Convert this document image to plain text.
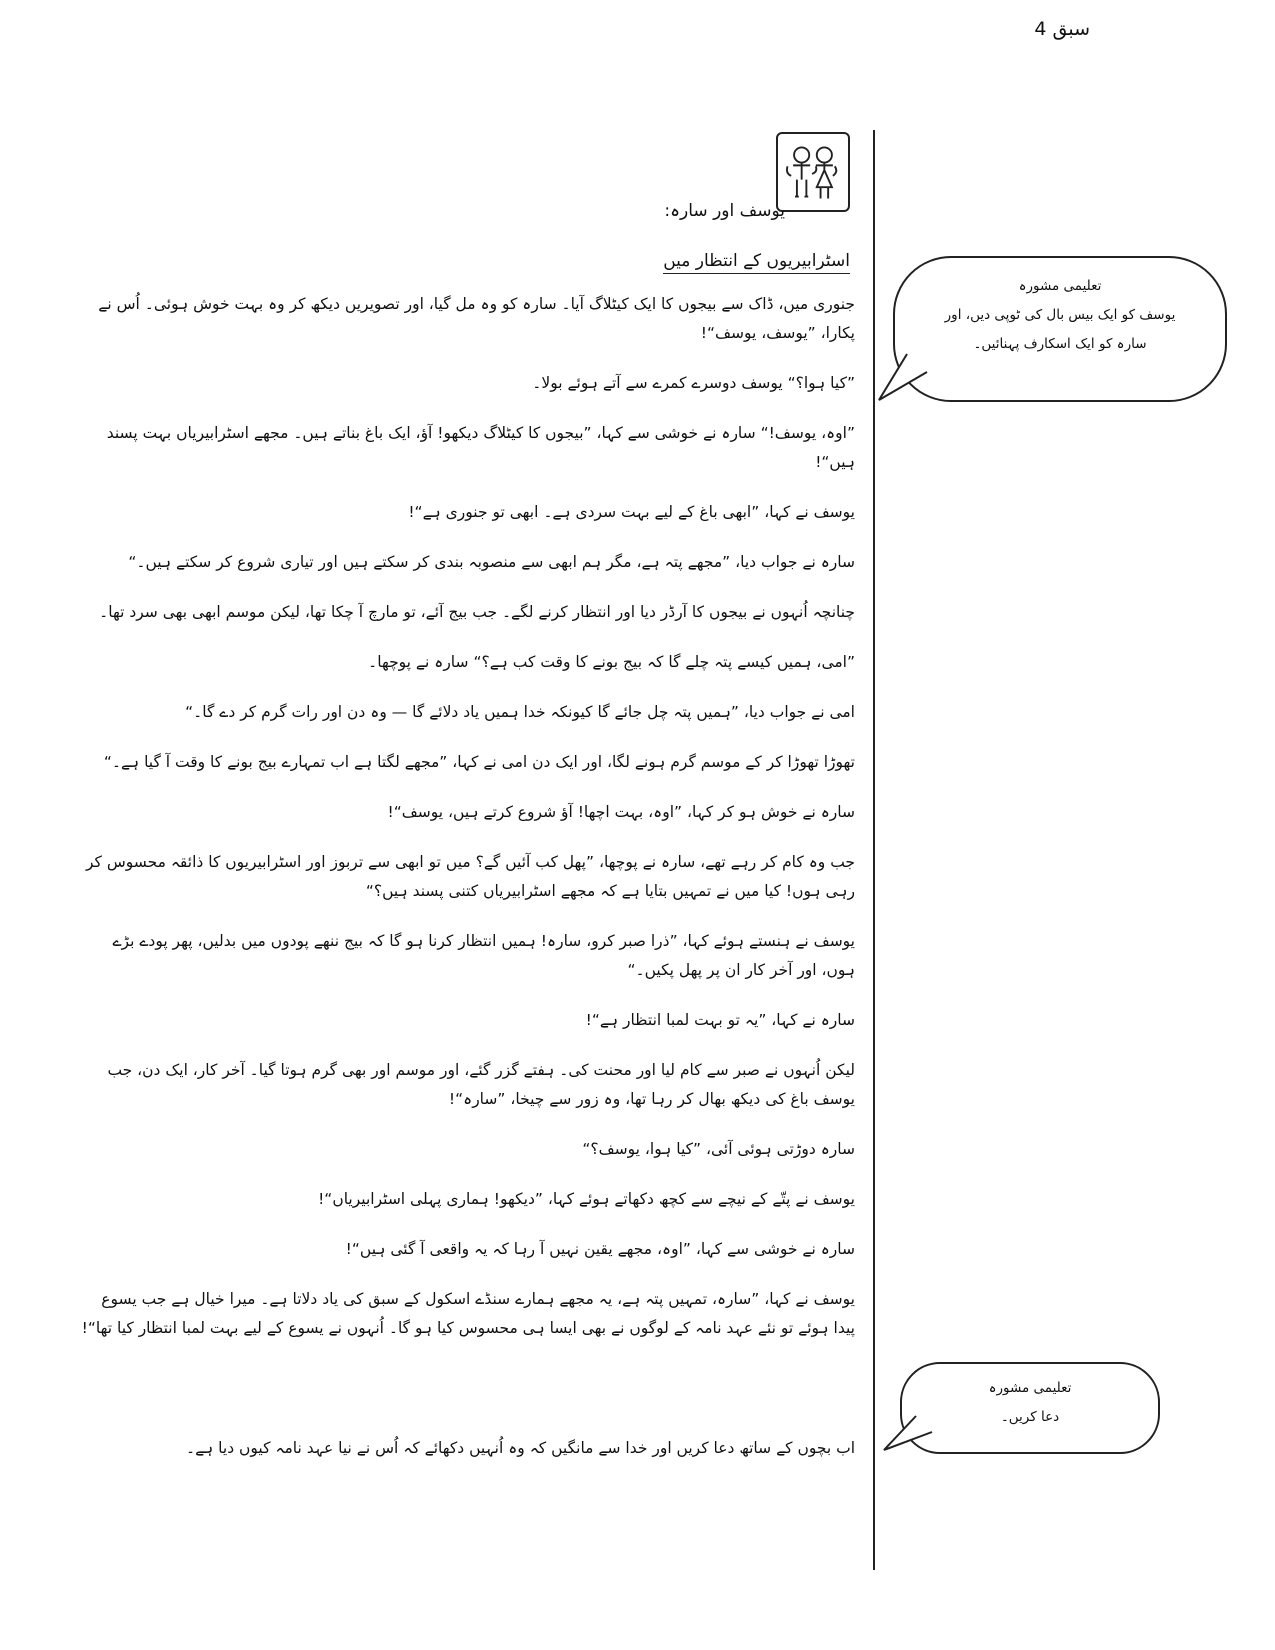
سبق 4
یوسف اور سارہ:
اسٹرابیریوں کے انتظار میں

جنوری میں، ڈاک سے بیجوں کا ایک کیٹلاگ آیا۔ سارہ کو وہ مل گیا، اور تصویریں دیکھ کر وہ بہت خوش ہوئی۔ اُس نے پکارا، ”یوسف، یوسف“!

”کیا ہوا؟“ یوسف دوسرے کمرے سے آتے ہوئے بولا۔

”اوہ، یوسف!“ سارہ نے خوشی سے کہا، ”بیجوں کا کیٹلاگ دیکھو! آؤ، ایک باغ بناتے ہیں۔ مجھے اسٹرابیریاں بہت پسند ہیں“!

یوسف نے کہا، ”ابھی باغ کے لیے بہت سردی ہے۔ ابھی تو جنوری ہے“!

سارہ نے جواب دیا، ”مجھے پتہ ہے، مگر ہم ابھی سے منصوبہ بندی کر سکتے ہیں اور تیاری شروع کر سکتے ہیں۔“

چنانچہ اُنہوں نے بیجوں کا آرڈر دیا اور انتظار کرنے لگے۔ جب بیج آئے، تو مارچ آ چکا تھا، لیکن موسم ابھی بھی سرد تھا۔

”امی، ہمیں کیسے پتہ چلے گا کہ بیج بونے کا وقت کب ہے؟“ سارہ نے پوچھا۔

امی نے جواب دیا، ”ہمیں پتہ چل جائے گا کیونکہ خدا ہمیں یاد دلائے گا — وہ دن اور رات گرم کر دے گا۔“

تھوڑا تھوڑا کر کے موسم گرم ہونے لگا، اور ایک دن امی نے کہا، ”مجھے لگتا ہے اب تمہارے بیج بونے کا وقت آ گیا ہے۔“

سارہ نے خوش ہو کر کہا، ”اوہ، بہت اچھا! آؤ شروع کرتے ہیں، یوسف“!

جب وہ کام کر رہے تھے، سارہ نے پوچھا، ”پھل کب آئیں گے؟ میں تو ابھی سے تربوز اور اسٹرابیریوں کا ذائقہ محسوس کر رہی ہوں! کیا میں نے تمہیں بتایا ہے کہ مجھے اسٹرابیریاں کتنی پسند ہیں؟“

یوسف نے ہنستے ہوئے کہا، ”ذرا صبر کرو، سارہ! ہمیں انتظار کرنا ہو گا کہ بیج ننھے پودوں میں بدلیں، پھر پودے بڑے ہوں، اور آخر کار ان پر پھل پکیں۔“

سارہ نے کہا، ”یہ تو بہت لمبا انتظار ہے“!

لیکن اُنہوں نے صبر سے کام لیا اور محنت کی۔ ہفتے گزر گئے، اور موسم اور بھی گرم ہوتا گیا۔ آخر کار، ایک دن، جب یوسف باغ کی دیکھ بھال کر رہا تھا، وہ زور سے چیخا، ”سارہ“!

سارہ دوڑتی ہوئی آئی، ”کیا ہوا، یوسف؟“

یوسف نے پتّے کے نیچے سے کچھ دکھاتے ہوئے کہا، ”دیکھو! ہماری پہلی اسٹرابیریاں“!

سارہ نے خوشی سے کہا، ”اوہ، مجھے یقین نہیں آ رہا کہ یہ واقعی آ گئی ہیں“!

یوسف نے کہا، ”سارہ، تمہیں پتہ ہے، یہ مجھے ہمارے سنڈے اسکول کے سبق کی یاد دلاتا ہے۔ میرا خیال ہے جب یسوع پیدا ہوئے تو نئے عہد نامہ کے لوگوں نے بھی ایسا ہی محسوس کیا ہو گا۔ اُنہوں نے یسوع کے لیے بہت لمبا انتظار کیا تھا“!

اب بچوں کے ساتھ دعا کریں اور خدا سے مانگیں کہ وہ اُنہیں دکھائے کہ اُس نے نیا عہد نامہ کیوں دیا ہے۔
تعلیمی مشورہ
یوسف کو ایک بیس بال کی ٹوپی دیں، اور سارہ کو ایک اسکارف پہنائیں۔
تعلیمی مشورہ
دعا کریں۔
